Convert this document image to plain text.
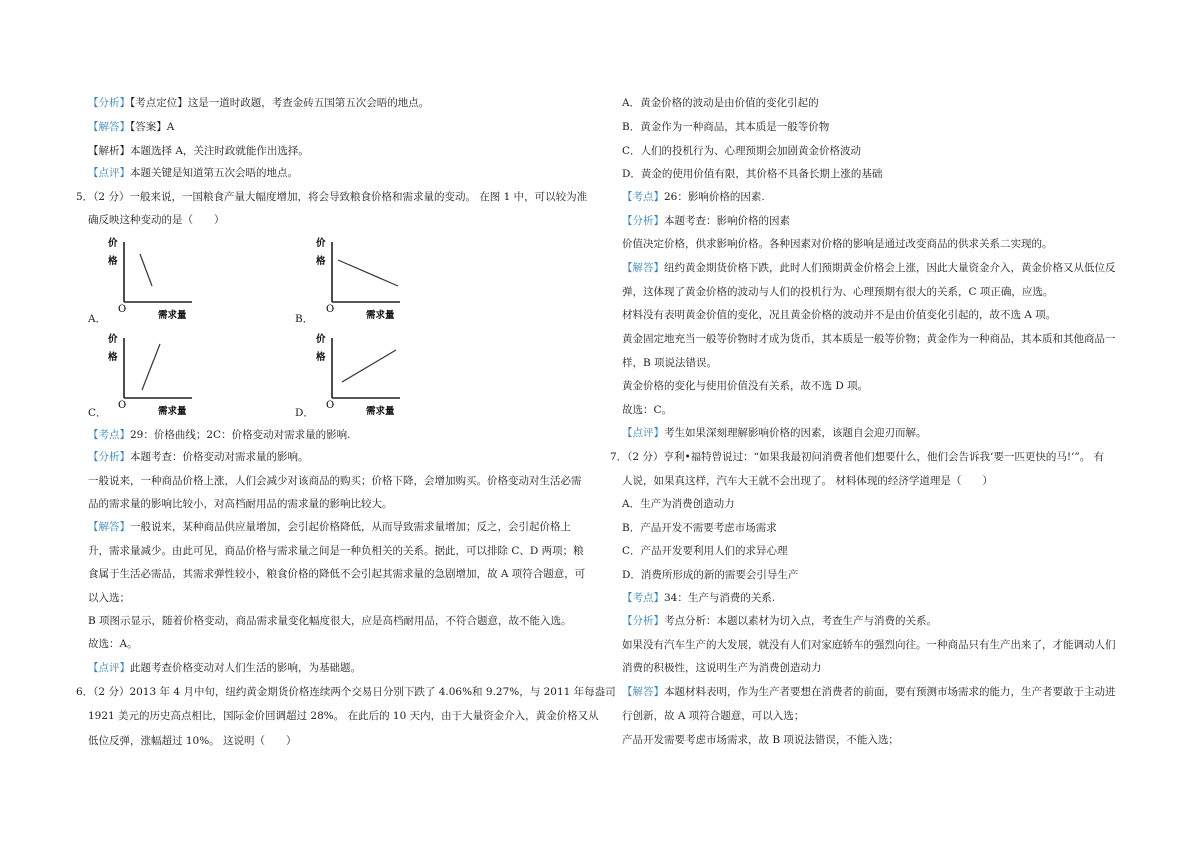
【分析】【考点定位】这是一道时政题，考查金砖五国第五次会晤的地点。
【解答】【答案】A
【解析】本题选择 A，关注时政就能作出选择。
【点评】本题关键是知道第五次会晤的地点。
5．（2 分）一般来说，一国粮食产量大幅度增加，将会导致粮食价格和需求量的变动。 在图 1 中，可以较为准
确反映这种变动的是（　　）
价
格
O
需求量
A．
价
格
O
需求量
B．
价
格
O
需求量
C．
价
格
O
需求量
D．
【考点】29：价格曲线；2C：价格变动对需求量的影响.
【分析】本题考查：价格变动对需求量的影响。
一般说来，一种商品价格上涨，人们会减少对该商品的购买；价格下降，会增加购买。价格变动对生活必需
品的需求量的影响比较小，对高档耐用品的需求量的影响比较大。
【解答】一般说来，某种商品供应量增加，会引起价格降低，从而导致需求量增加；反之，会引起价格上
升，需求量减少。由此可见，商品价格与需求量之间是一种负相关的关系。据此，可以排除 C、D 两项；粮
食属于生活必需品，其需求弹性较小，粮食价格的降低不会引起其需求量的急剧增加，故 A 项符合题意，可
以入选；
B 项图示显示，随着价格变动，商品需求量变化幅度很大，应是高档耐用品，不符合题意，故不能入选。
故选：A。
【点评】此题考查价格变动对人们生活的影响，为基础题。
6．（2 分）2013 年 4 月中旬，纽约黄金期货价格连续两个交易日分别下跌了 4.06%和 9.27%，与 2011 年每盎司
1921 美元的历史高点相比，国际金价回调超过 28%。 在此后的 10 天内，由于大量资金介入，黄金价格又从
低位反弹，涨幅超过 10%。 这说明（　　）
A．黄金价格的波动是由价值的变化引起的
B．黄金作为一种商品，其本质是一般等价物
C．人们的投机行为、心理预期会加剧黄金价格波动
D．黄金的使用价值有限，其价格不具备长期上涨的基础
【考点】26：影响价格的因素.
【分析】本题考查：影响价格的因素
价值决定价格，供求影响价格。各种因素对价格的影响是通过改变商品的供求关系二实现的。
【解答】纽约黄金期货价格下跌，此时人们预期黄金价格会上涨，因此大量资金介入，黄金价格又从低位反
弹，这体现了黄金价格的波动与人们的投机行为、心理预期有很大的关系，C 项正确，应选。
材料没有表明黄金价值的变化，况且黄金价格的波动并不是由价值变化引起的，故不选 A 项。
黄金固定地充当一般等价物时才成为货币，其本质是一般等价物；黄金作为一种商品，其本质和其他商品一
样，B 项说法错误。
黄金价格的变化与使用价值没有关系，故不选 D 项。
故选：C。
【点评】考生如果深刻理解影响价格的因素，该题自会迎刃而解。
7．（2 分）亨利•福特曾说过：“如果我最初问消费者他们想要什么，他们会告诉我‘要一匹更快的马!’”。 有
人说，如果真这样，汽车大王就不会出现了。 材料体现的经济学道理是（　　）
A．生产为消费创造动力
B．产品开发不需要考虑市场需求
C．产品开发要利用人们的求异心理
D．消费所形成的新的需要会引导生产
【考点】34：生产与消费的关系.
【分析】考点分析：本题以素材为切入点，考查生产与消费的关系。
如果没有汽车生产的大发展，就没有人们对家庭轿车的强烈向往。一种商品只有生产出来了，才能调动人们
消费的积极性，这说明生产为消费创造动力
【解答】本题材料表明，作为生产者要想在消费者的前面，要有预测市场需求的能力，生产者要敢于主动进
行创新，故 A 项符合题意，可以入选；
产品开发需要考虑市场需求，故 B 项说法错误，不能入选；
